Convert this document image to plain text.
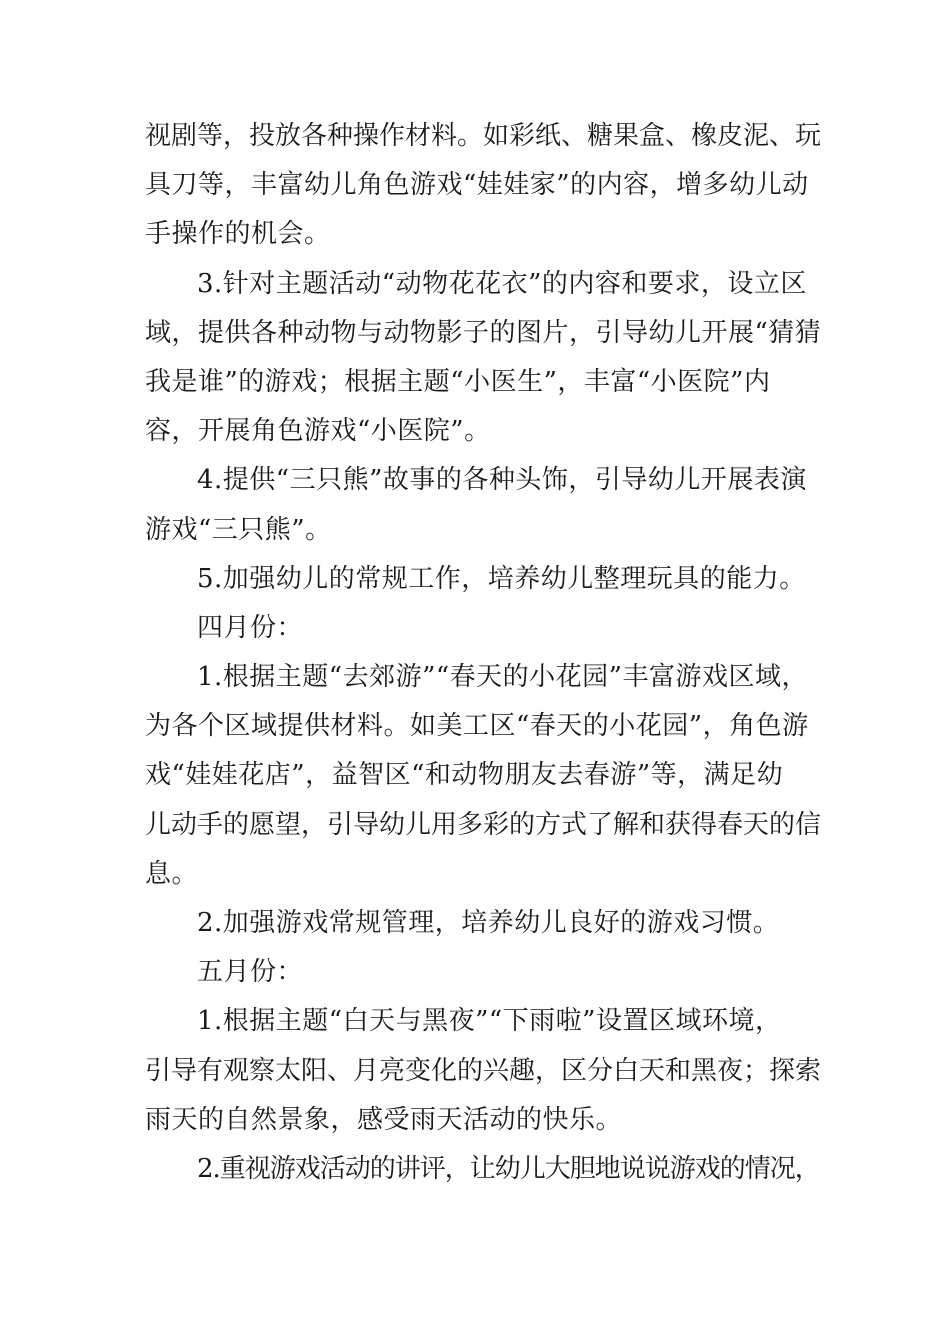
视剧等，投放各种操作材料。如彩纸、糖果盒、橡皮泥、玩
具刀等，丰富幼儿角色游戏“娃娃家”的内容，增多幼儿动
手操作的机会。
3.针对主题活动“动物花花衣”的内容和要求，设立区
域，提供各种动物与动物影子的图片，引导幼儿开展“猜猜
我是谁”的游戏；根据主题“小医生”，丰富“小医院”内
容，开展角色游戏“小医院”。
4.提供“三只熊”故事的各种头饰，引导幼儿开展表演
游戏“三只熊”。
5.加强幼儿的常规工作，培养幼儿整理玩具的能力。
四月份：
1.根据主题“去郊游”“春天的小花园”丰富游戏区域，
为各个区域提供材料。如美工区“春天的小花园”，角色游
戏“娃娃花店”，益智区“和动物朋友去春游”等，满足幼
儿动手的愿望，引导幼儿用多彩的方式了解和获得春天的信
息。
2.加强游戏常规管理，培养幼儿良好的游戏习惯。
五月份：
1.根据主题“白天与黑夜”“下雨啦”设置区域环境，
引导有观察太阳、月亮变化的兴趣，区分白天和黑夜；探索
雨天的自然景象，感受雨天活动的快乐。
2.重视游戏活动的讲评，让幼儿大胆地说说游戏的情况，
